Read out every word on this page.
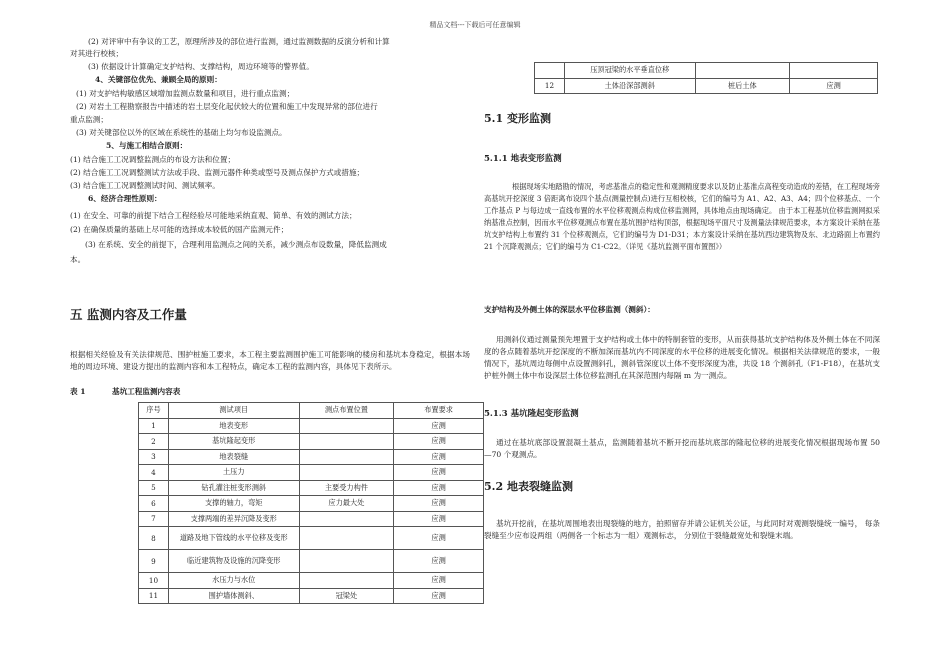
精品文档---下载后可任意编辑
(2) 对评审中有争议的工艺，原理所涉及的部位进行监测，通过监测数据的反演分析和计算
对其进行校核；
(3) 依据设计计算确定支护结构、支撑结构，周边环境等的警界值。
4、关键部位优先、兼顾全局的原则：
(1) 对支护结构敏感区域增加监测点数量和项目，进行重点监测；
(2) 对岩土工程勘察报告中描述的岩土层变化起伏较大的位置和施工中发现异常的部位进行
重点监测；
(3) 对关键部位以外的区域在系统性的基础上均匀布设监测点。
5、与施工相结合原则：
(1) 结合施工工况调整监测点的布设方法和位置；
(2) 结合施工工况调整测试方法或手段、监测元器件种类或型号及测点保护方式或措施；
(3) 结合施工工况调整测试时间、测试频率。
6、经济合理性原则：
(1) 在安全、可靠的前提下结合工程经验尽可能地采纳直观、简单、有效的测试方法；
(2) 在确保质量的基础上尽可能的选择成本较低的国产监测元件；
(3) 在系统、安全的前提下，合理利用监测点之间的关系，减少测点布设数量，降低监测成
本。
五 监测内容及工作量
根据相关经验及有关法律规范、围护桩施工要求，本工程主要监测围护施工可能影响的楼房和基坑本身稳定，根据本场地的周边环境、建设方提出的监测内容和本工程特点，确定本工程的监测内容，具体见下表所示。
表 1	基坑工程监测内容表
序号	测试项目	测点布置位置	布置要求
1	地表变形		应测
2	基坑隆起变形		应测
3	地表裂缝		应测
4	土压力		应测
5	钻孔灌注桩变形测斜	主要受力构件	应测
6	支撑的轴力，弯矩	应力最大处	应测
7	支撑两端的差异沉降及变形		应测
8	道路及地下管线的水平位移及变形		应测
9	临近建筑物及设施的沉降变形		应测
10	水压力与水位		应测
11	围护墙体测斜、	冠梁处	应测
	压顶冠梁的水平垂直位移		
12	土体沿深部测斜	桩后土体	应测
5.1 变形监测
5.1.1 地表变形监测
根据现场实地踏勘的情况，考虑基准点的稳定性和观测精度要求以及防止基准点高程变动造成的差错，在工程现场旁高基坑开挖深度 3 倍距离布设四个基点(测量控制点)进行互相校核，它们的编号为 A1、A2、A3、A4；四个位移基点、一个工作基点 P 与每边成一直线布置的水平位移观测点构成位移监测网，具体地点由现场确定。 由于本工程基坑位移监测网拟采纳基准点控制，因而水平位移观测点布置在基坑围护结构顶部，根据现场平面尺寸及测量法律规范要求，本方案设计采纳在基坑支护结构上布置约 31 个位移观测点，它们的编号为 D1-D31；本方案设计采纳在基坑西边建筑物及东、北边路面上布置约 21 个沉降观测点；它们的编号为 C1-C22。（详见《基坑监测平面布置图》）
支护结构及外侧土体的深层水平位移监测（测斜）：
用测斜仪通过测量预先埋置于支护结构或土体中的特制套管的变形，从而获得基坑支护结构体及外侧土体在不同深度的各点随着基坑开挖深度的不断加深而基坑内不同深度的水平位移的进展变化情况。根据相关法律规范的要求，一般情况下，基坑周边每侧中点设置测斜孔，测斜管深度以土体不变形深度为准，共设 18 个测斜孔（F1-F18），在基坑支护桩外侧土体中布设深层土体位移监测孔在其深范围内每隔 m 为一测点。
5.1.3 基坑隆起变形监测
通过在基坑底部设置混凝土基点，监测随着基坑不断开挖而基坑底部的隆起位移的进展变化情况根据现场布置 50—70 个观测点。
5.2 地表裂缝监测
基坑开挖前，在基坑周围地表出现裂缝的地方，拍照留存并请公证机关公证，与此同时对观测裂缝统一编号， 每条裂缝至少应布设两组（两侧各一个标志为一组）观测标志， 分别位于裂缝最宽处和裂缝末端。
